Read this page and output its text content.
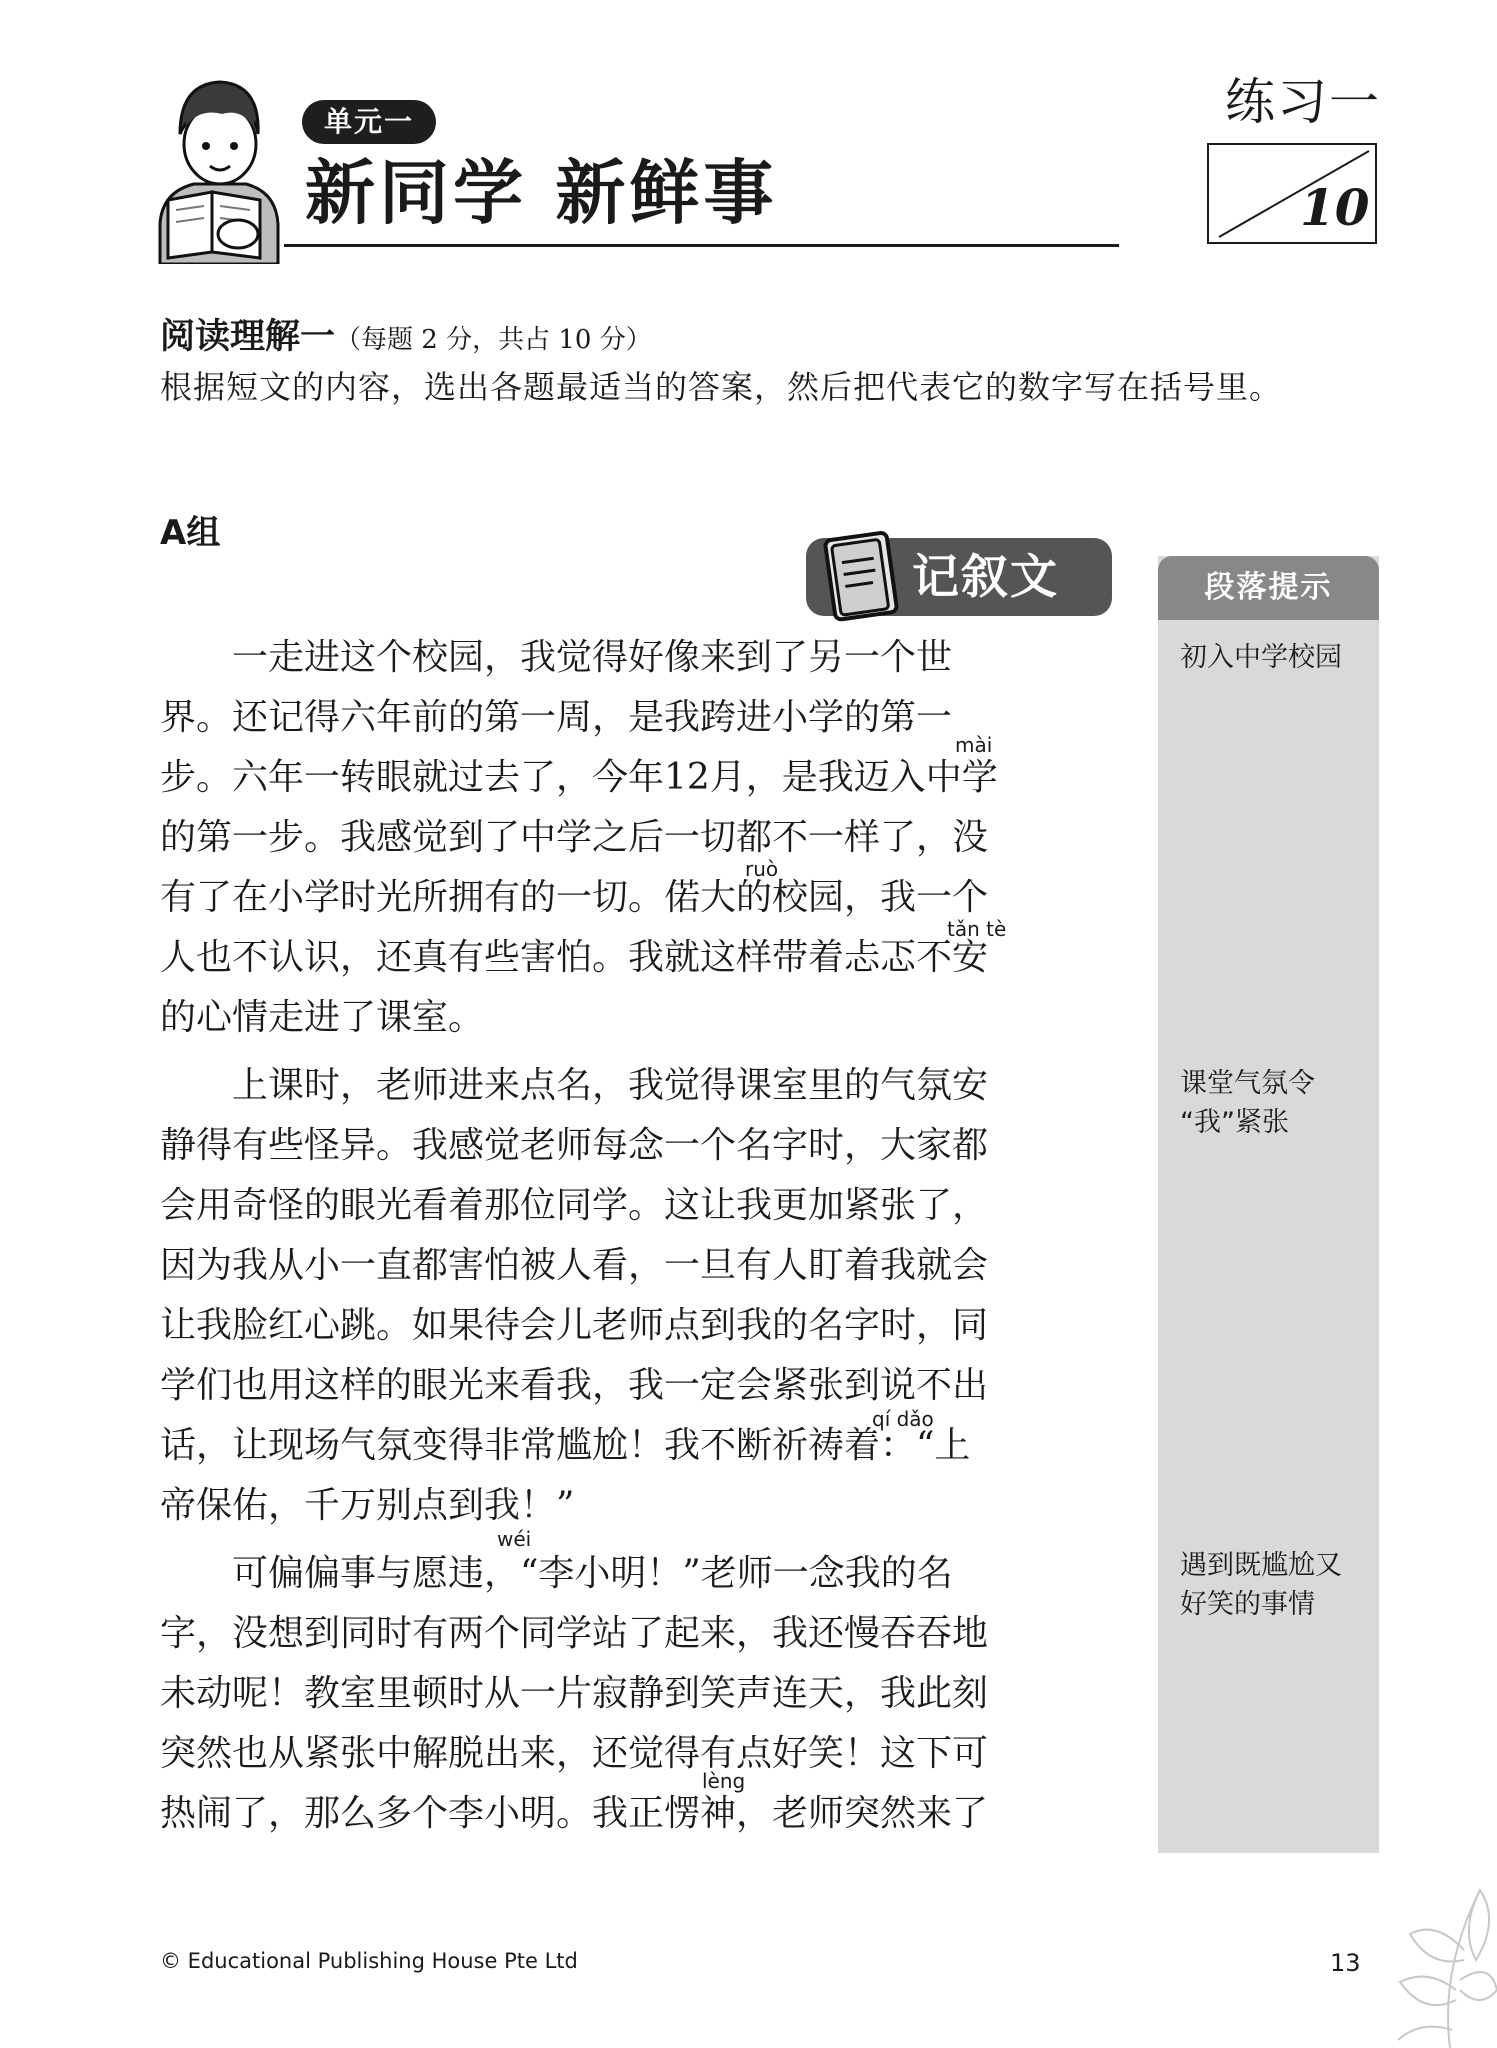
单元一
新同学 新鲜事
练习一
10
阅读理解一（每题 2 分，共占 10 分）
根据短文的内容，选出各题最适当的答案，然后把代表它的数字写在括号里。
A组
记叙文	段落提示
初入中学校园
课堂气氛令
“我”紧张
遇到既尴尬又
好笑的事情
　　一走进这个校园，我觉得好像来到了另一个世
界。还记得六年前的第一周，是我跨进小学的第一
步。六年一转眼就过去了，今年12月，是我迈入中学
的第一步。我感觉到了中学之后一切都不一样了，没
有了在小学时光所拥有的一切。偌大的校园，我一个
人也不认识，还真有些害怕。我就这样带着忐忑不安
的心情走进了课室。
　　上课时，老师进来点名，我觉得课室里的气氛安
静得有些怪异。我感觉老师每念一个名字时，大家都
会用奇怪的眼光看着那位同学。这让我更加紧张了，
因为我从小一直都害怕被人看，一旦有人盯着我就会
让我脸红心跳。如果待会儿老师点到我的名字时，同
学们也用这样的眼光来看我，我一定会紧张到说不出
话，让现场气氛变得非常尴尬！我不断祈祷着：“上
帝保佑，千万别点到我！”
　　可偏偏事与愿违，“李小明！”老师一念我的名
字，没想到同时有两个同学站了起来，我还慢吞吞地
未动呢！教室里顿时从一片寂静到笑声连天，我此刻
突然也从紧张中解脱出来，还觉得有点好笑！这下可
热闹了，那么多个李小明。我正愣神，老师突然来了
mài
ruò
tǎn tè
qí dǎo
wéi
lèng
© Educational Publishing House Pte Ltd	13
